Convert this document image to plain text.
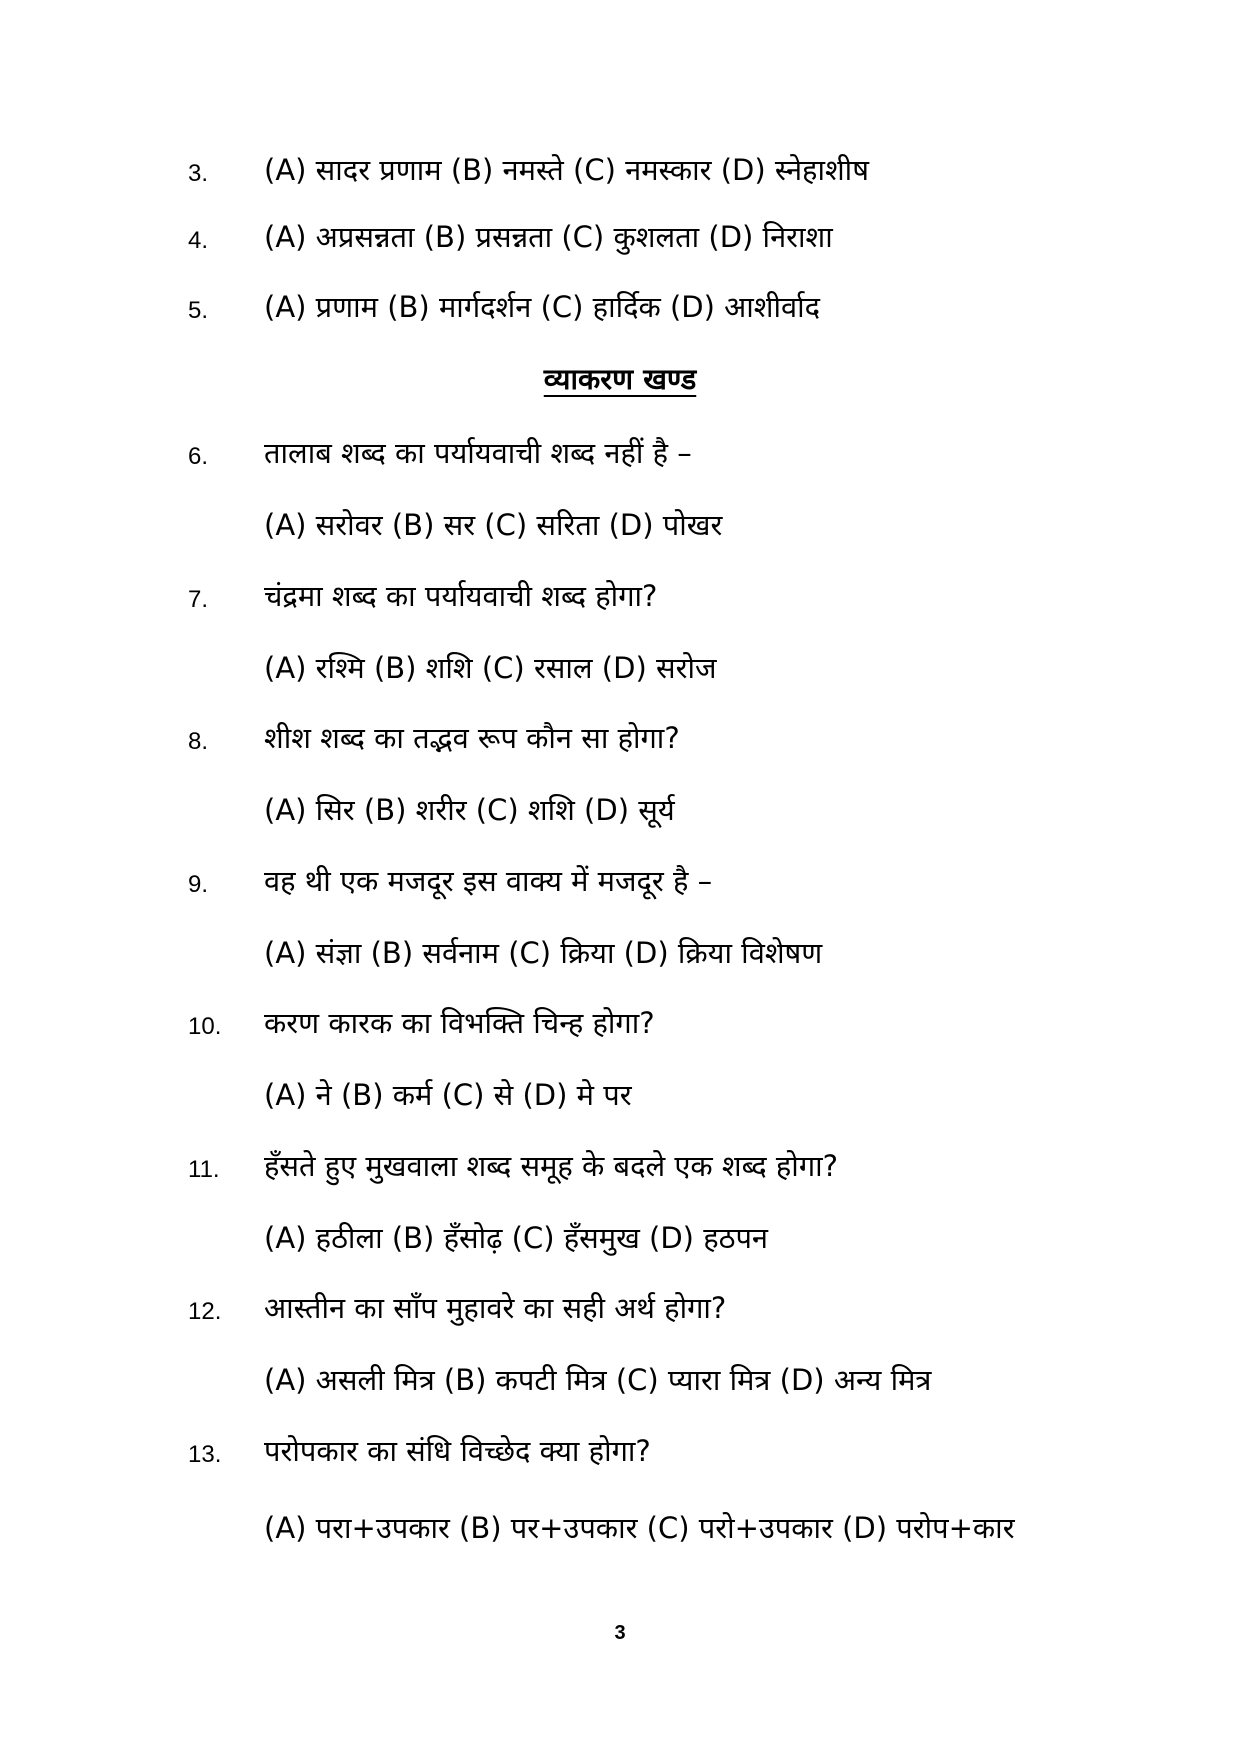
3. (A) सादर प्रणाम (B) नमस्ते (C) नमस्कार (D) स्नेहाशीष
4. (A) अप्रसन्नता (B) प्रसन्नता (C) कुशलता (D) निराशा
5. (A) प्रणाम (B) मार्गदर्शन (C) हार्दिक (D) आशीर्वाद
व्याकरण खण्ड
6. तालाब शब्द का पर्यायवाची शब्द नहीं है –
(A) सरोवर (B) सर (C) सरिता (D) पोखर
7. चंद्रमा शब्द का पर्यायवाची शब्द होगा?
(A) रश्मि (B) शशि (C) रसाल (D) सरोज
8. शीश शब्द का तद्भव रूप कौन सा होगा?
(A) सिर (B) शरीर (C) शशि (D) सूर्य
9. वह थी एक मजदूर इस वाक्य में मजदूर है –
(A) संज्ञा (B) सर्वनाम (C) क्रिया (D) क्रिया विशेषण
10. करण कारक का विभक्ति चिन्ह होगा?
(A) ने (B) कर्म (C) से (D) मे पर
11. हँसते हुए मुखवाला शब्द समूह के बदले एक शब्द होगा?
(A) हठीला (B) हँसोढ़ (C) हँसमुख (D) हठपन
12. आस्तीन का साँप मुहावरे का सही अर्थ होगा?
(A) असली मित्र (B) कपटी मित्र (C) प्यारा मित्र (D) अन्य मित्र
13. परोपकार का संधि विच्छेद क्या होगा?
(A) परा+उपकार (B) पर+उपकार (C) परो+उपकार (D) परोप+कार
3
